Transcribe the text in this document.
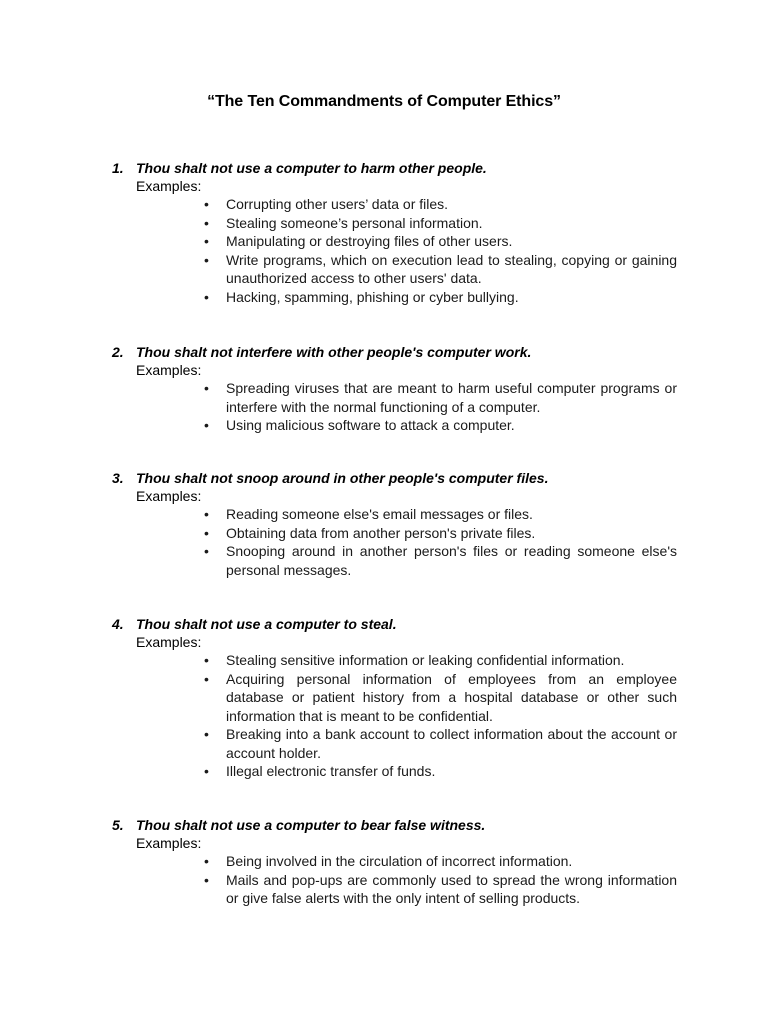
“The Ten Commandments of Computer Ethics”
1. Thou shalt not use a computer to harm other people.
Examples:
• Corrupting other users’ data or files.
• Stealing someone’s personal information.
• Manipulating or destroying files of other users.
• Write programs, which on execution lead to stealing, copying or gaining unauthorized access to other users' data.
• Hacking, spamming, phishing or cyber bullying.
2. Thou shalt not interfere with other people's computer work.
Examples:
• Spreading viruses that are meant to harm useful computer programs or interfere with the normal functioning of a computer.
• Using malicious software to attack a computer.
3. Thou shalt not snoop around in other people's computer files.
Examples:
• Reading someone else's email messages or files.
• Obtaining data from another person's private files.
• Snooping around in another person's files or reading someone else's personal messages.
4. Thou shalt not use a computer to steal.
Examples:
• Stealing sensitive information or leaking confidential information.
• Acquiring personal information of employees from an employee database or patient history from a hospital database or other such information that is meant to be confidential.
• Breaking into a bank account to collect information about the account or account holder.
• Illegal electronic transfer of funds.
5. Thou shalt not use a computer to bear false witness.
Examples:
• Being involved in the circulation of incorrect information.
• Mails and pop-ups are commonly used to spread the wrong information or give false alerts with the only intent of selling products.
